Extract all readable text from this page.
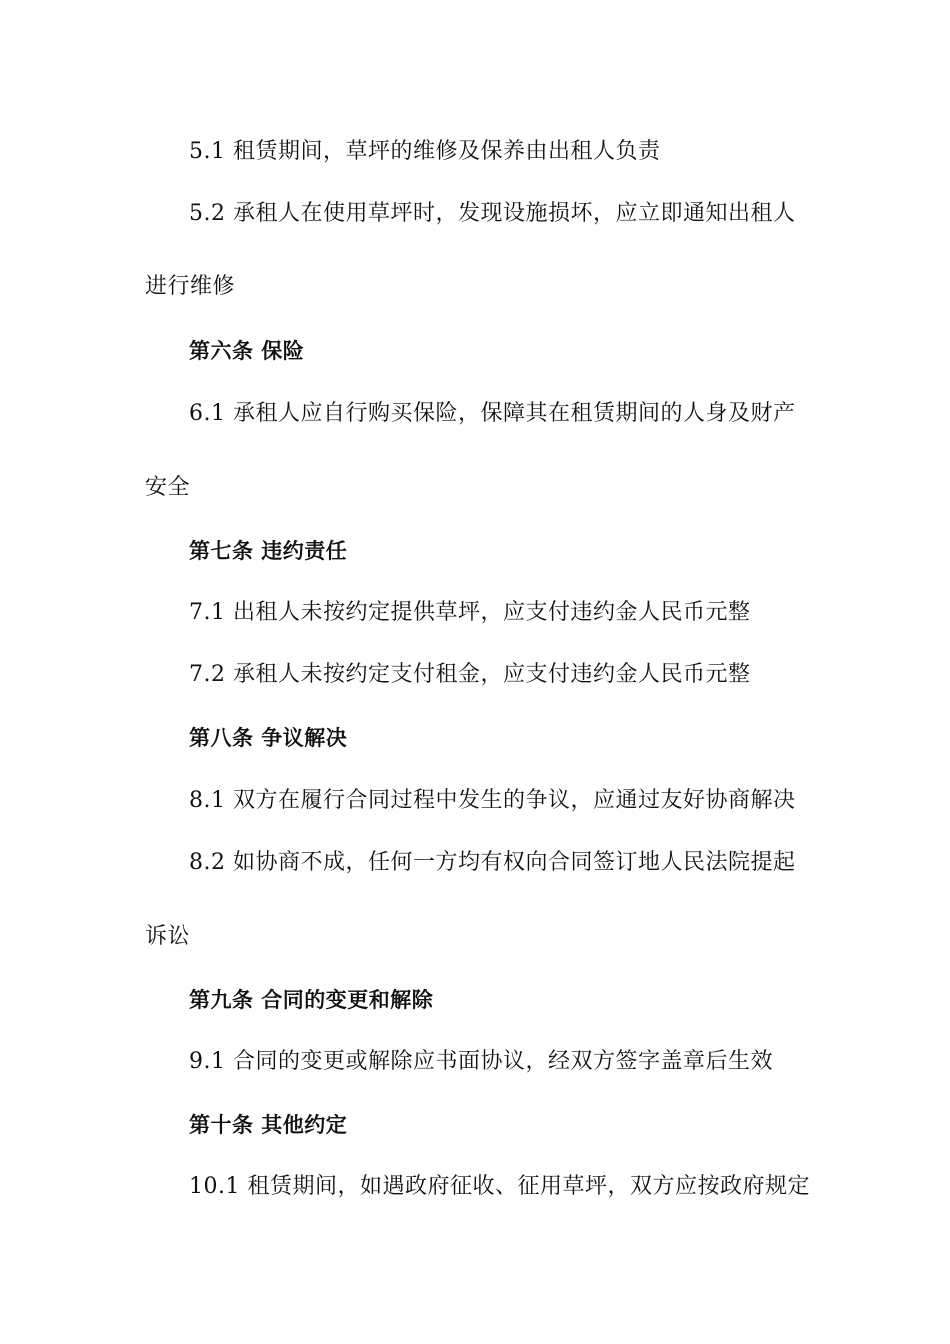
5.1 租赁期间，草坪的维修及保养由出租人负责
5.2 承租人在使用草坪时，发现设施损坏，应立即通知出租人
进行维修
第六条 保险
6.1 承租人应自行购买保险，保障其在租赁期间的人身及财产
安全
第七条 违约责任
7.1 出租人未按约定提供草坪，应支付违约金人民币元整
7.2 承租人未按约定支付租金，应支付违约金人民币元整
第八条 争议解决
8.1 双方在履行合同过程中发生的争议，应通过友好协商解决
8.2 如协商不成，任何一方均有权向合同签订地人民法院提起
诉讼
第九条 合同的变更和解除
9.1 合同的变更或解除应书面协议，经双方签字盖章后生效
第十条 其他约定
10.1 租赁期间，如遇政府征收、征用草坪，双方应按政府规定
